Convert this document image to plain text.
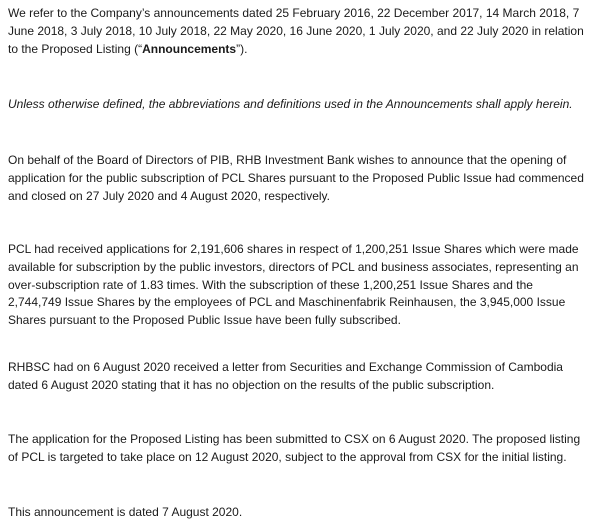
We refer to the Company’s announcements dated 25 February 2016, 22 December 2017, 14 March 2018, 7
June 2018, 3 July 2018, 10 July 2018, 22 May 2020, 16 June 2020, 1 July 2020, and 22 July 2020 in relation
to the Proposed Listing (“Announcements”).

Unless otherwise defined, the abbreviations and definitions used in the Announcements shall apply herein.

On behalf of the Board of Directors of PIB, RHB Investment Bank wishes to announce that the opening of
application for the public subscription of PCL Shares pursuant to the Proposed Public Issue had commenced
and closed on 27 July 2020 and 4 August 2020, respectively.

PCL had received applications for 2,191,606 shares in respect of 1,200,251 Issue Shares which were made
available for subscription by the public investors, directors of PCL and business associates, representing an
over-subscription rate of 1.83 times. With the subscription of these 1,200,251 Issue Shares and the
2,744,749 Issue Shares by the employees of PCL and Maschinenfabrik Reinhausen, the 3,945,000 Issue
Shares pursuant to the Proposed Public Issue have been fully subscribed.

RHBSC had on 6 August 2020 received a letter from Securities and Exchange Commission of Cambodia
dated 6 August 2020 stating that it has no objection on the results of the public subscription.

The application for the Proposed Listing has been submitted to CSX on 6 August 2020. The proposed listing
of PCL is targeted to take place on 12 August 2020, subject to the approval from CSX for the initial listing.

This announcement is dated 7 August 2020.
